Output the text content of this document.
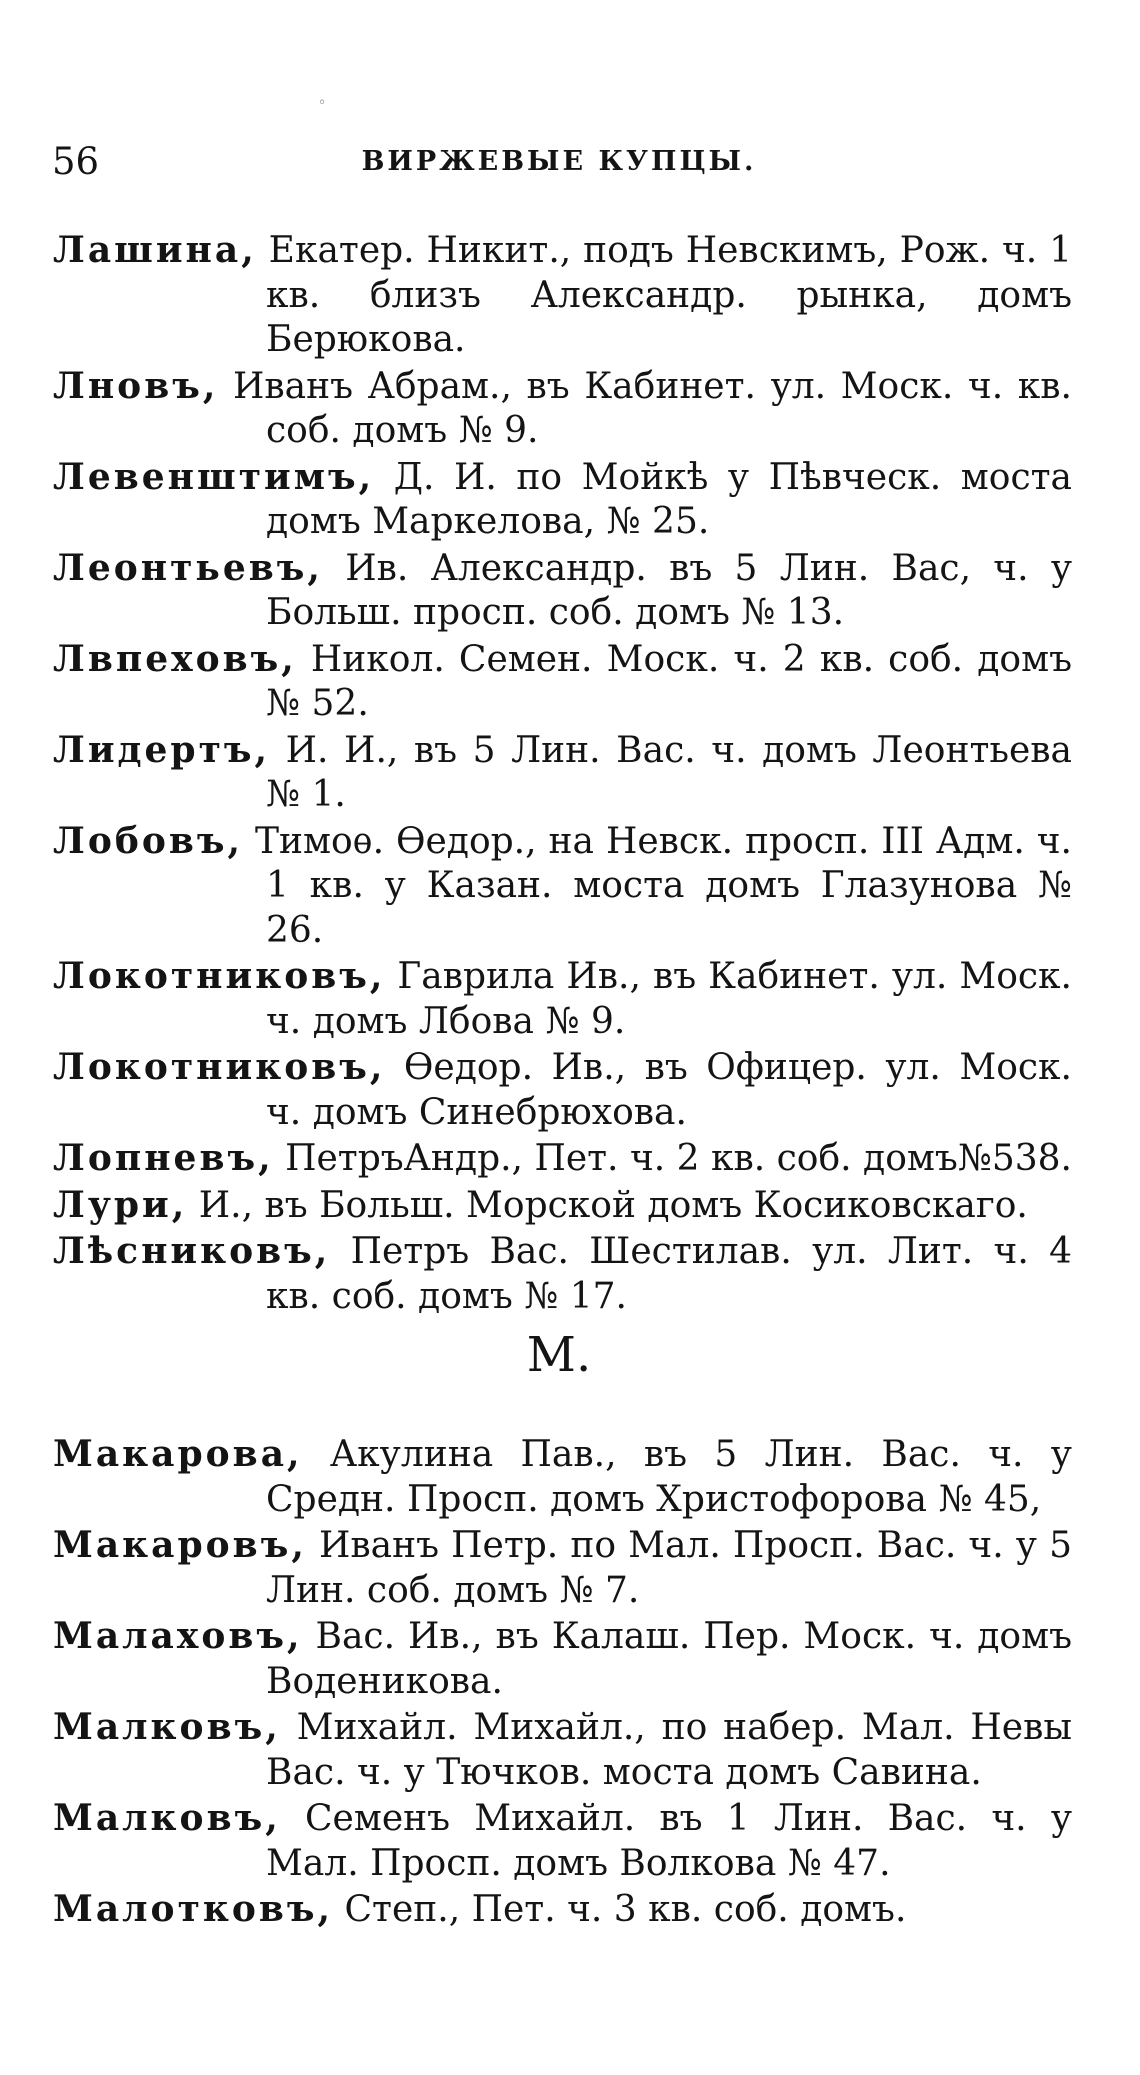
◦
56	ВИРЖЕВЫЕ КУПЦЫ.

Лашина, Екатер. Никит., подъ Невскимъ, Рож. ч. 1 кв. близъ Александр. рынка, домъ Берюкова.

Лновъ, Иванъ Абрам., въ Кабинет. ул. Моск. ч. кв. соб. домъ № 9.

Левенштимъ, Д. И. по Мойкѣ у Пѣвческ. моста домъ Маркелова, № 25.

Леонтьевъ, Ив. Александр. въ 5 Лин. Вас, ч. у Больш. просп. соб. домъ № 13.

Лвпеховъ, Никол. Семен. Моск. ч. 2 кв. соб. домъ № 52.

Лидертъ, И. И., въ 5 Лин. Вас. ч. домъ Леонтьева № 1.

Лобовъ, Тимоѳ. Ѳедор., на Невск. просп. III Адм. ч. 1 кв. у Казан. моста домъ Глазунова № 26.

Локотниковъ, Гаврила Ив., въ Кабинет. ул. Моск. ч. домъ Лбова № 9.

Локотниковъ, Ѳедор. Ив., въ Офицер. ул. Моск. ч. домъ Синебрюхова.

Лопневъ, ПетръАндр., Пет. ч. 2 кв. соб. домъ№538.

Лури, И., въ Больш. Морской домъ Косиковскаго.

Лѣсниковъ, Петръ Вас. Шестилав. ул. Лит. ч. 4 кв. соб. домъ № 17.

М.

Макарова, Акулина Пав., въ 5 Лин. Вас. ч. у Средн. Просп. домъ Христофорова № 45,

Макаровъ, Иванъ Петр. по Мал. Просп. Вас. ч. у 5 Лин. соб. домъ № 7.

Малаховъ, Вас. Ив., въ Калаш. Пер. Моск. ч. домъ Воденикова.

Малковъ, Михайл. Михайл., по набер. Мал. Невы Вас. ч. у Тючков. моста домъ Савина.

Малковъ, Семенъ Михайл. въ 1 Лин. Вас. ч. у Мал. Просп. домъ Волкова № 47.

Малотковъ, Степ., Пет. ч. 3 кв. соб. домъ.
